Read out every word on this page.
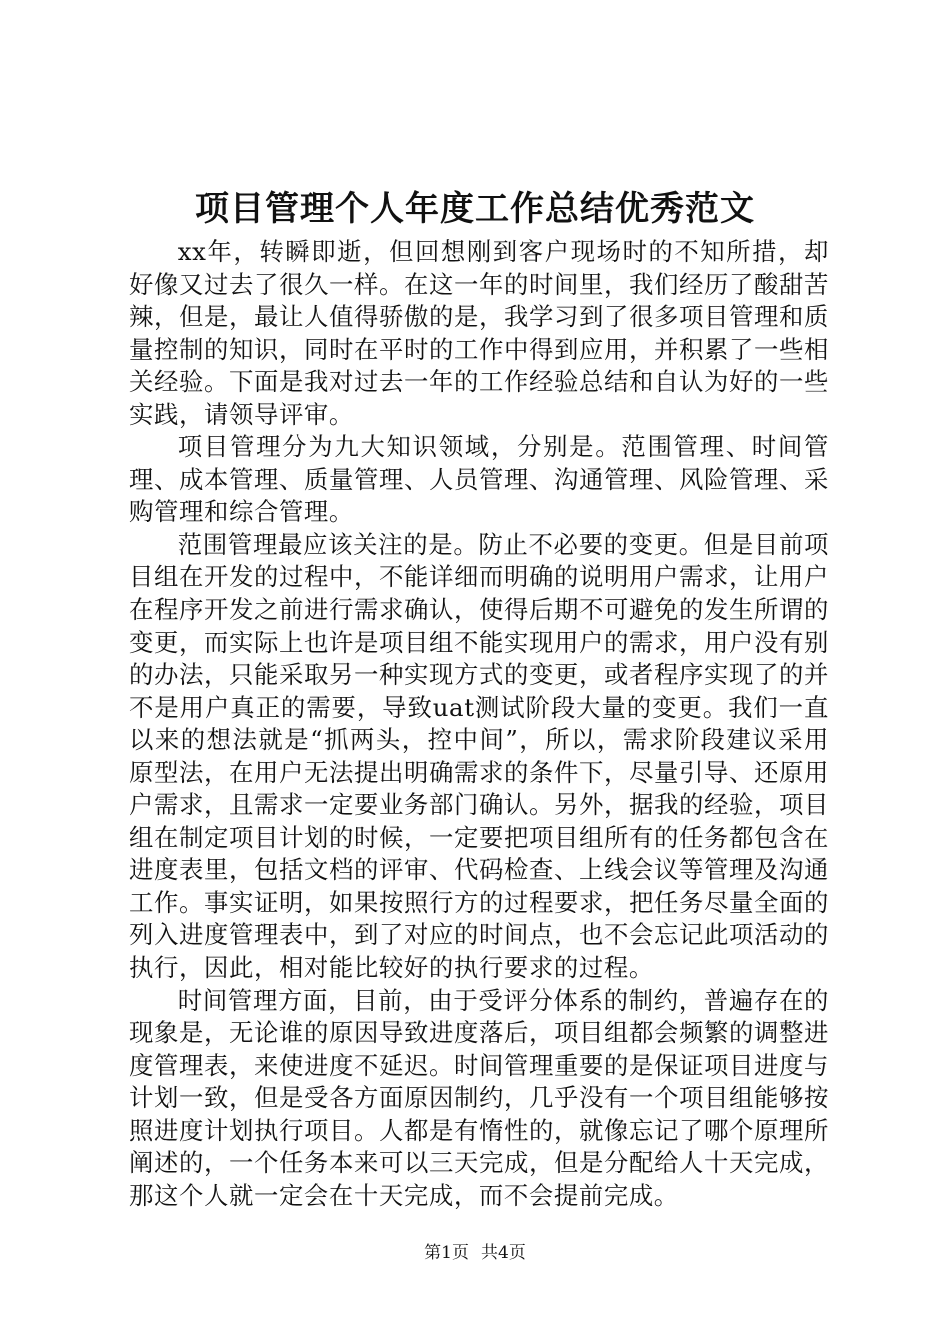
项目管理个人年度工作总结优秀范文

xx年，转瞬即逝，但回想刚到客户现场时的不知所措，却好像又过去了很久一样。在这一年的时间里，我们经历了酸甜苦辣，但是，最让人值得骄傲的是，我学习到了很多项目管理和质量控制的知识，同时在平时的工作中得到应用，并积累了一些相关经验。下面是我对过去一年的工作经验总结和自认为好的一些实践，请领导评审。

项目管理分为九大知识领域，分别是。范围管理、时间管理、成本管理、质量管理、人员管理、沟通管理、风险管理、采购管理和综合管理。

范围管理最应该关注的是。防止不必要的变更。但是目前项目组在开发的过程中，不能详细而明确的说明用户需求，让用户在程序开发之前进行需求确认，使得后期不可避免的发生所谓的变更，而实际上也许是项目组不能实现用户的需求，用户没有别的办法，只能采取另一种实现方式的变更，或者程序实现了的并不是用户真正的需要，导致uat测试阶段大量的变更。我们一直以来的想法就是“抓两头，控中间”，所以，需求阶段建议采用原型法，在用户无法提出明确需求的条件下，尽量引导、还原用户需求，且需求一定要业务部门确认。另外，据我的经验，项目组在制定项目计划的时候，一定要把项目组所有的任务都包含在进度表里，包括文档的评审、代码检查、上线会议等管理及沟通工作。事实证明，如果按照行方的过程要求，把任务尽量全面的列入进度管理表中，到了对应的时间点，也不会忘记此项活动的执行，因此，相对能比较好的执行要求的过程。

时间管理方面，目前，由于受评分体系的制约，普遍存在的现象是，无论谁的原因导致进度落后，项目组都会频繁的调整进度管理表，来使进度不延迟。时间管理重要的是保证项目进度与计划一致，但是受各方面原因制约，几乎没有一个项目组能够按照进度计划执行项目。人都是有惰性的，就像忘记了哪个原理所阐述的，一个任务本来可以三天完成，但是分配给人十天完成，那这个人就一定会在十天完成，而不会提前完成。

第1页 共4页
